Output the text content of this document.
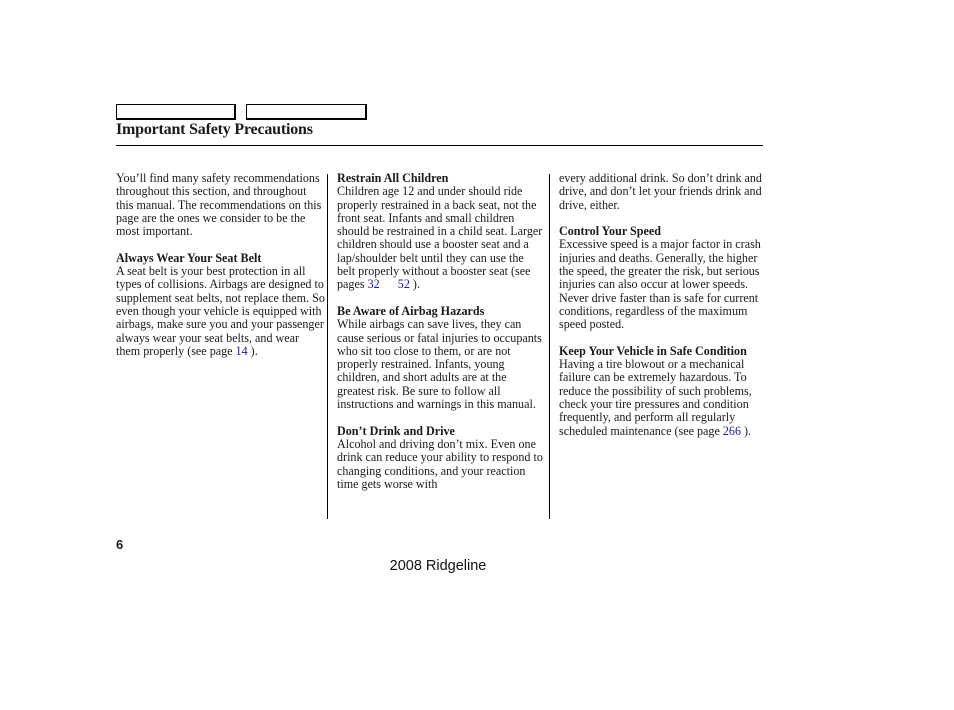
Important Safety Precautions

You’ll find many safety recommendations throughout this section, and throughout this manual. The recommendations on this page are the ones we consider to be the most important.

Always Wear Your Seat Belt
A seat belt is your best protection in all types of collisions. Airbags are designed to supplement seat belts, not replace them. So even though your vehicle is equipped with airbags, make sure you and your passenger always wear your seat belts, and wear them properly (see page 14 ).

Restrain All Children
Children age 12 and under should ride properly restrained in a back seat, not the front seat. Infants and small children should be restrained in a child seat. Larger children should use a booster seat and a lap/shoulder belt until they can use the belt properly without a booster seat (see pages 32 52 ).

Be Aware of Airbag Hazards
While airbags can save lives, they can cause serious or fatal injuries to occupants who sit too close to them, or are not properly restrained. Infants, young children, and short adults are at the greatest risk. Be sure to follow all instructions and warnings in this manual.

Don’t Drink and Drive
Alcohol and driving don’t mix. Even one drink can reduce your ability to respond to changing conditions, and your reaction time gets worse with

every additional drink. So don’t drink and drive, and don’t let your friends drink and drive, either.

Control Your Speed
Excessive speed is a major factor in crash injuries and deaths. Generally, the higher the speed, the greater the risk, but serious injuries can also occur at lower speeds. Never drive faster than is safe for current conditions, regardless of the maximum speed posted.

Keep Your Vehicle in Safe Condition
Having a tire blowout or a mechanical failure can be extremely hazardous. To reduce the possibility of such problems, check your tire pressures and condition frequently, and perform all regularly scheduled maintenance (see page 266 ).

6
2008 Ridgeline
